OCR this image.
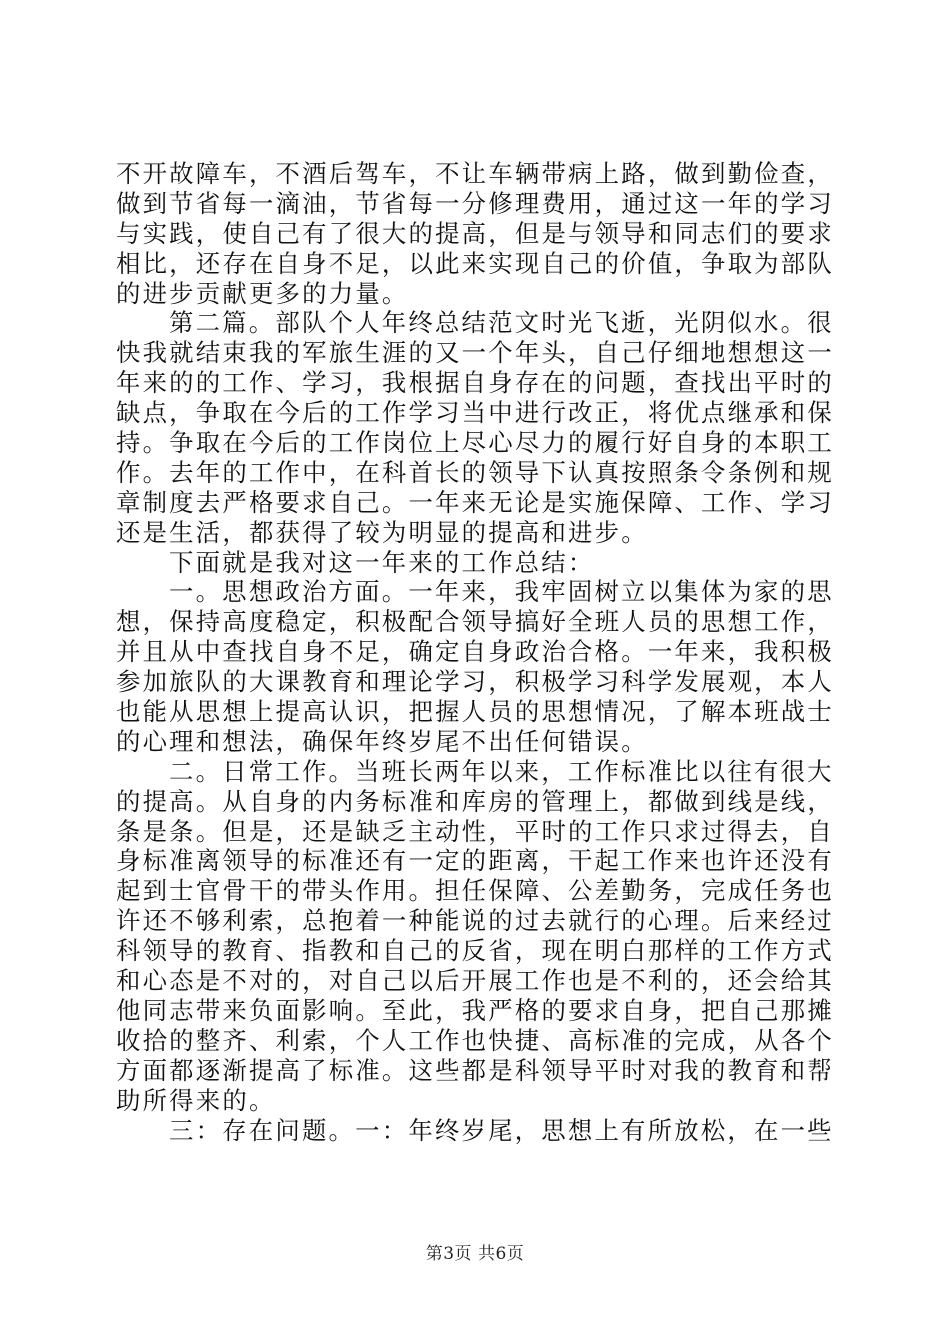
不开故障车，不酒后驾车，不让车辆带病上路，做到勤俭查，
做到节省每一滴油，节省每一分修理费用，通过这一年的学习
与实践，使自己有了很大的提高，但是与领导和同志们的要求
相比，还存在自身不足，以此来实现自己的价值，争取为部队
的进步贡献更多的力量。
第二篇。部队个人年终总结范文时光飞逝，光阴似水。很
快我就结束我的军旅生涯的又一个年头，自己仔细地想想这一
年来的的工作、学习，我根据自身存在的问题，查找出平时的
缺点，争取在今后的工作学习当中进行改正，将优点继承和保
持。争取在今后的工作岗位上尽心尽力的履行好自身的本职工
作。去年的工作中，在科首长的领导下认真按照条令条例和规
章制度去严格要求自己。一年来无论是实施保障、工作、学习
还是生活，都获得了较为明显的提高和进步。
下面就是我对这一年来的工作总结：
一。思想政治方面。一年来，我牢固树立以集体为家的思
想，保持高度稳定，积极配合领导搞好全班人员的思想工作，
并且从中查找自身不足，确定自身政治合格。一年来，我积极
参加旅队的大课教育和理论学习，积极学习科学发展观，本人
也能从思想上提高认识，把握人员的思想情况，了解本班战士
的心理和想法，确保年终岁尾不出任何错误。
二。日常工作。当班长两年以来，工作标准比以往有很大
的提高。从自身的内务标准和库房的管理上，都做到线是线，
条是条。但是，还是缺乏主动性，平时的工作只求过得去，自
身标准离领导的标准还有一定的距离，干起工作来也许还没有
起到士官骨干的带头作用。担任保障、公差勤务，完成任务也
许还不够利索，总抱着一种能说的过去就行的心理。后来经过
科领导的教育、指教和自己的反省，现在明白那样的工作方式
和心态是不对的，对自己以后开展工作也是不利的，还会给其
他同志带来负面影响。至此，我严格的要求自身，把自己那摊
收拾的整齐、利索，个人工作也快捷、高标准的完成，从各个
方面都逐渐提高了标准。这些都是科领导平时对我的教育和帮
助所得来的。
三：存在问题。一：年终岁尾，思想上有所放松，在一些
第3页 共6页
